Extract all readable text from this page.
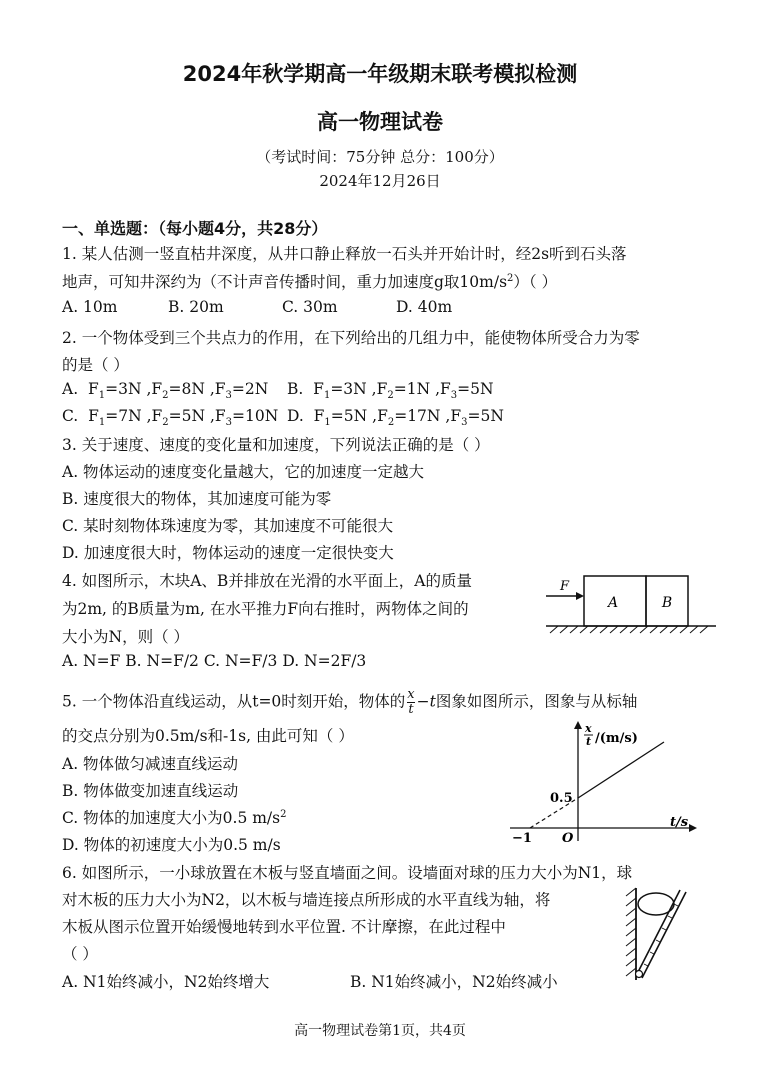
2024年秋学期高一年级期末联考模拟检测
高一物理试卷
（考试时间：75分钟 总分：100分）
2024年12月26日
一、单选题：（每小题4分，共28分）
1. 某人估测一竖直枯井深度，从井口静止释放一石头并开始计时，经2s听到石头落
地声，可知井深约为（不计声音传播时间，重力加速度g取$10m/s^2$）（ ）
A. 10m	B. 20m	C. 30m	D. 40m
2. 一个物体受到三个共点力的作用，在下列给出的几组力中，能使物体所受合力为零
的是（ ）
A.  $F_1=3N$ $,F_2=8N$ $,F_3=2N$ B.  $F_1=3N$ $,F_2=1N$ $,F_3=5N$
C.  $F_1=7N$ $,F_2=5N$ $,F_3=10N$ D.  $F_1=5N$ $,F_2=17N$ $,F_3=5N$
3. 关于速度、速度的变化量和加速度，下列说法正确的是（ ）
A. 物体运动的速度变化量越大，它的加速度一定越大
B. 速度很大的物体，其加速度可能为零
C. 某时刻物体珠速度为零，其加速度不可能很大
D. 加速度很大时，物体运动的速度一定很快变大
4. 如图所示，木块A、B并排放在光滑的水平面上，A的质量
为2m, 的B质量为m, 在水平推力F向右推时，两物体之间的
大小为N，则（ ）
A. N=F B. N=F/2 C. N=F/3 D. N=2F/3
A	B
F
5. 一个物体沿直线运动，从t=0时刻开始，物体的 $\frac{x}{t} -t$图象如图所示，图象与从标轴
的交点分别为0.5m/s和-1s, 由此可知（ ）
A. 物体做匀减速直线运动
B. 物体做变加速直线运动
C. 物体的加速度大小为0.5 $m/s^2$
D. 物体的初速度大小为0.5 m/s
x
t /(m/s)
0.5
−1 O
t/s
6. 如图所示，一小球放置在木板与竖直墙面之间。设墙面对球的压力大小为N1，球
对木板的压力大小为N2，以木板与墙连接点所形成的水平直线为轴，将
木板从图示位置开始缓慢地转到水平位置. 不计摩擦，在此过程中
（ ）
A. N1始终减小，N2始终增大	B. N1始终减小，N2始终减小
高一物理试卷第1页，共4页
